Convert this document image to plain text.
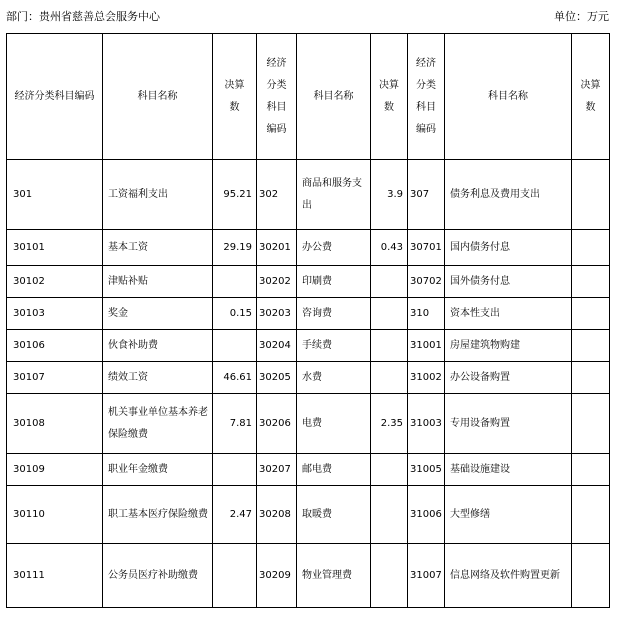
部门：贵州省慈善总会服务中心	单位：万元
经济分类科目编码	科目名称	决算数	经济分类科目编码	科目名称	决算数	经济分类科目编码	科目名称	决算数
301	工资福利支出	95.21	302	商品和服务支出	3.9	307	债务利息及费用支出	
30101	基本工资	29.19	30201	办公费	0.43	30701	国内债务付息	
30102	津贴补贴		30202	印刷费		30702	国外债务付息	
30103	奖金	0.15	30203	咨询费		310	资本性支出	
30106	伙食补助费		30204	手续费		31001	房屋建筑物购建	
30107	绩效工资	46.61	30205	水费		31002	办公设备购置	
30108	机关事业单位基本养老保险缴费	7.81	30206	电费	2.35	31003	专用设备购置	
30109	职业年金缴费		30207	邮电费		31005	基础设施建设	
30110	职工基本医疗保险缴费	2.47	30208	取暖费		31006	大型修缮	
30111	公务员医疗补助缴费		30209	物业管理费		31007	信息网络及软件购置更新	
